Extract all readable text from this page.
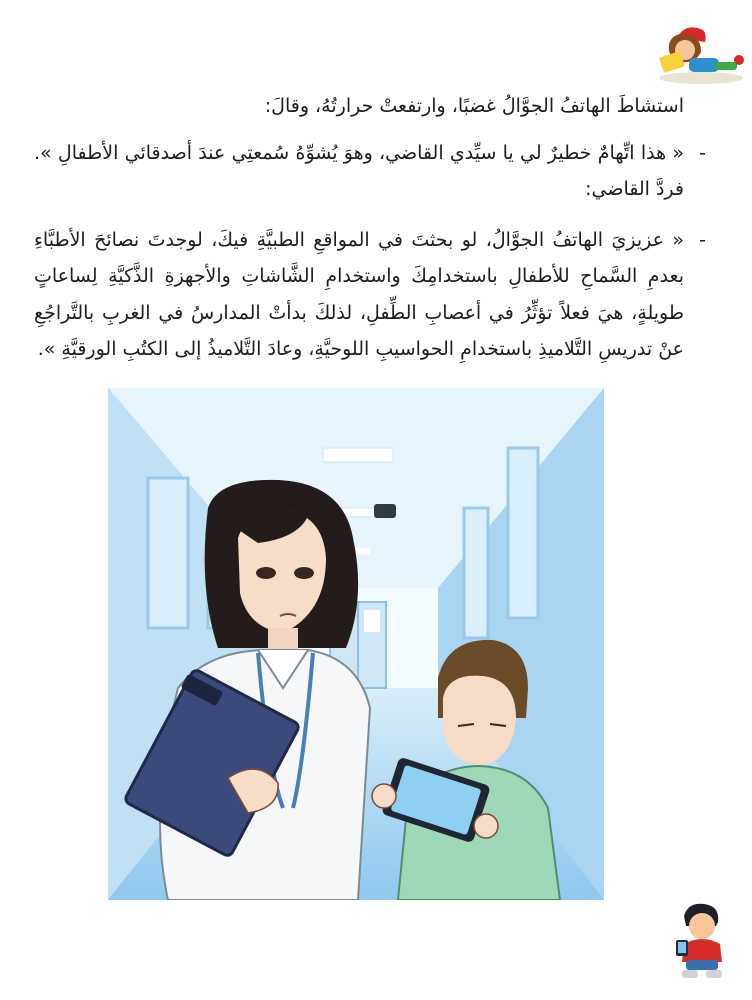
استشاطَ الهاتفُ الجوَّالُ غضبًا، وارتفعتْ حرارتُهُ، وقالَ:

-
« هذا اتِّهامٌ خطيرٌ لي يا سيِّدي القاضي، وهوَ يُشوِّهُ سُمعتِي عندَ أصدقائي الأطفالِ ». فردَّ القاضي:

-
« عزيزيَ الهاتفُ الجوَّالُ، لو بحثتَ في المواقعِ الطبيَّةِ فيكَ، لوجدتَ نصائحَ الأطبَّاءِ بعدمِ السَّماحِ للأطفالِ باستخدامِكَ واستخدامِ الشَّاشاتِ والأجهزةِ الذَّكيَّةِ لِساعاتٍ طويلةٍ، هيَ فعلاً تؤثِّرُ في أعصابِ الطِّفلِ، لذلكَ بدأتْ المدارسُ في الغربِ بالتَّراجُعِ عنْ تدريسِ التَّلاميذِ باستخدامِ الحواسيبِ اللوحيَّةِ، وعادَ التَّلاميذُ إلى الكتُبِ الورقيَّةِ ».
